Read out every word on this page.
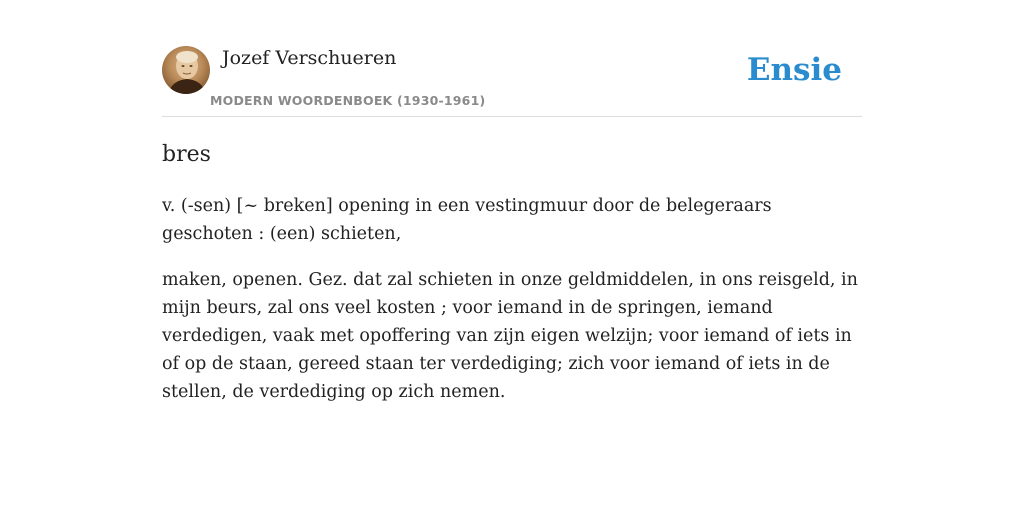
Jozef Verschueren
MODERN WOORDENBOEK (1930-1961)
Ensie
bres

v. (-sen) [~ breken] opening in een vestingmuur door de belegeraars geschoten : (een) schieten,

maken, openen. Gez. dat zal schieten in onze geldmiddelen, in ons reisgeld, in mijn beurs, zal ons veel kosten ; voor iemand in de springen, iemand verdedigen, vaak met opoffering van zijn eigen welzijn; voor iemand of iets in of op de staan, gereed staan ter verdediging; zich voor iemand of iets in de stellen, de verdediging op zich nemen.
